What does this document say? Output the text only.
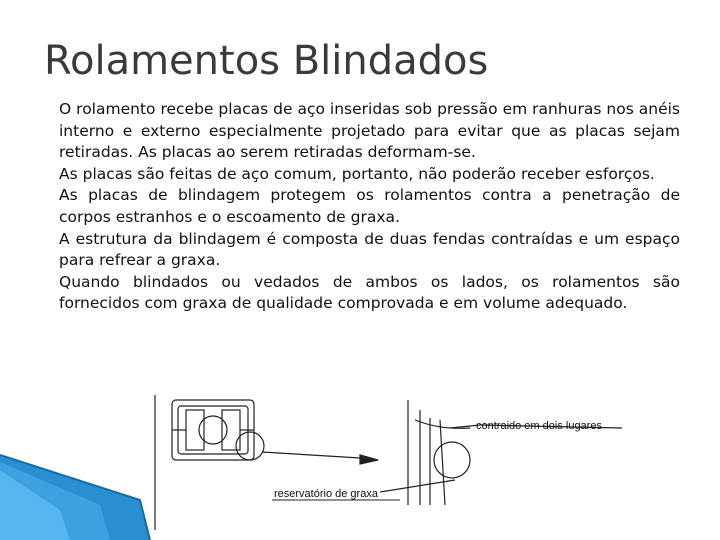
Rolamentos Blindados

O rolamento recebe placas de aço inseridas sob pressão em ranhuras nos anéis interno e externo especialmente projetado para evitar que as placas sejam retiradas. As placas ao serem retiradas deformam-se.

As placas são feitas de aço comum, portanto, não poderão receber esforços.

As placas de blindagem protegem os rolamentos contra a penetração de corpos estranhos e o escoamento de graxa.

A estrutura da blindagem é composta de duas fendas contraídas e um espaço para refrear a graxa.

Quando blindados ou vedados de ambos os lados, os rolamentos são fornecidos com graxa de qualidade comprovada e em volume adequado.

contraido em dois lugares
reservatório de graxa
